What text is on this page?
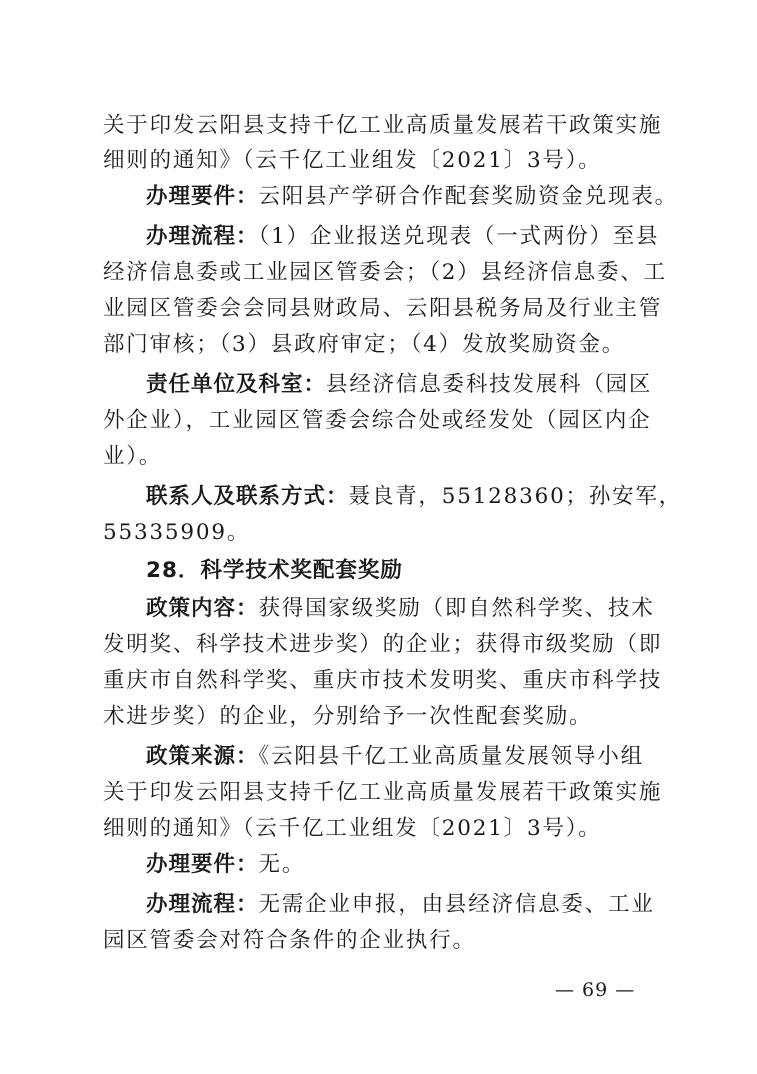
关于印发云阳县支持千亿工业高质量发展若干政策实施
细则的通知》（云千亿工业组发〔2021〕3号）。
办理要件：云阳县产学研合作配套奖励资金兑现表。
办理流程：（1）企业报送兑现表（一式两份）至县
经济信息委或工业园区管委会；（2）县经济信息委、工
业园区管委会会同县财政局、云阳县税务局及行业主管
部门审核；（3）县政府审定；（4）发放奖励资金。
责任单位及科室：县经济信息委科技发展科（园区
外企业），工业园区管委会综合处或经发处（园区内企
业）。
联系人及联系方式：聂良青，55128360；孙安军，
55335909。
28．科学技术奖配套奖励
政策内容：获得国家级奖励（即自然科学奖、技术
发明奖、科学技术进步奖）的企业；获得市级奖励（即
重庆市自然科学奖、重庆市技术发明奖、重庆市科学技
术进步奖）的企业，分别给予一次性配套奖励。
政策来源：《云阳县千亿工业高质量发展领导小组
关于印发云阳县支持千亿工业高质量发展若干政策实施
细则的通知》（云千亿工业组发〔2021〕3号）。
办理要件：无。
办理流程：无需企业申报，由县经济信息委、工业
园区管委会对符合条件的企业执行。
— 69 —
